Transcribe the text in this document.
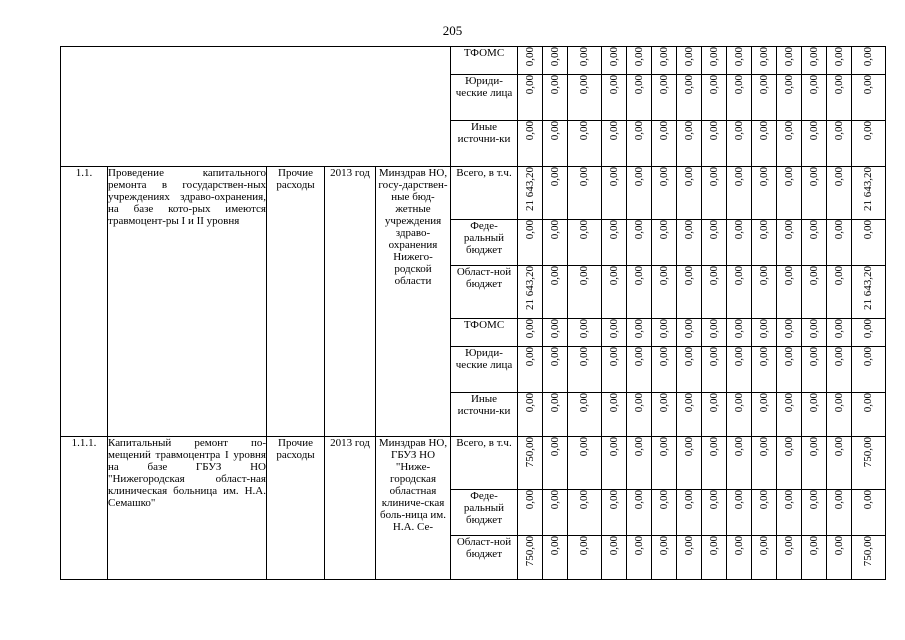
205
					ТФОМС	0,00	0,00	0,00	0,00	0,00	0,00	0,00	0,00	0,00	0,00	0,00	0,00	0,00	0,00

					Юриди-ческие лица	0,00	0,00	0,00	0,00	0,00	0,00	0,00	0,00	0,00	0,00	0,00	0,00	0,00	0,00

					Иные источни-ки	0,00	0,00	0,00	0,00	0,00	0,00	0,00	0,00	0,00	0,00	0,00	0,00	0,00	0,00

1.1.	Проведение капитального ремонта в государствен-ных учреждениях здраво-охранения, на базе кото-рых имеются травмоцент-ры I и II уровня	Прочие расходы	2013 год	Минздрав НО, госу-дарствен-ные бюд-жетные учреждения здраво-охранения Нижего-родской области	Всего, в т.ч.	21 643,20	0,00	0,00	0,00	0,00	0,00	0,00	0,00	0,00	0,00	0,00	0,00	0,00	21 643,20

					Феде-ральный бюджет	0,00	0,00	0,00	0,00	0,00	0,00	0,00	0,00	0,00	0,00	0,00	0,00	0,00	0,00

					Област-ной бюджет	21 643,20	0,00	0,00	0,00	0,00	0,00	0,00	0,00	0,00	0,00	0,00	0,00	0,00	21 643,20

					ТФОМС	0,00	0,00	0,00	0,00	0,00	0,00	0,00	0,00	0,00	0,00	0,00	0,00	0,00	0,00

					Юриди-ческие лица	0,00	0,00	0,00	0,00	0,00	0,00	0,00	0,00	0,00	0,00	0,00	0,00	0,00	0,00

					Иные источни-ки	0,00	0,00	0,00	0,00	0,00	0,00	0,00	0,00	0,00	0,00	0,00	0,00	0,00	0,00

1.1.1.	Капитальный ремонт по-мещений травмоцентра I уровня на базе ГБУЗ НО "Нижегородская област-ная клиническая больница им. Н.А. Семашко"	Прочие расходы	2013 год	Минздрав НО, ГБУЗ НО "Ниже-городская областная клиниче-ская боль-ница им. Н.А. Се-	Всего, в т.ч.	750,00	0,00	0,00	0,00	0,00	0,00	0,00	0,00	0,00	0,00	0,00	0,00	0,00	750,00

					Феде-ральный бюджет	0,00	0,00	0,00	0,00	0,00	0,00	0,00	0,00	0,00	0,00	0,00	0,00	0,00	0,00

					Област-ной бюджет	750,00	0,00	0,00	0,00	0,00	0,00	0,00	0,00	0,00	0,00	0,00	0,00	0,00	750,00
